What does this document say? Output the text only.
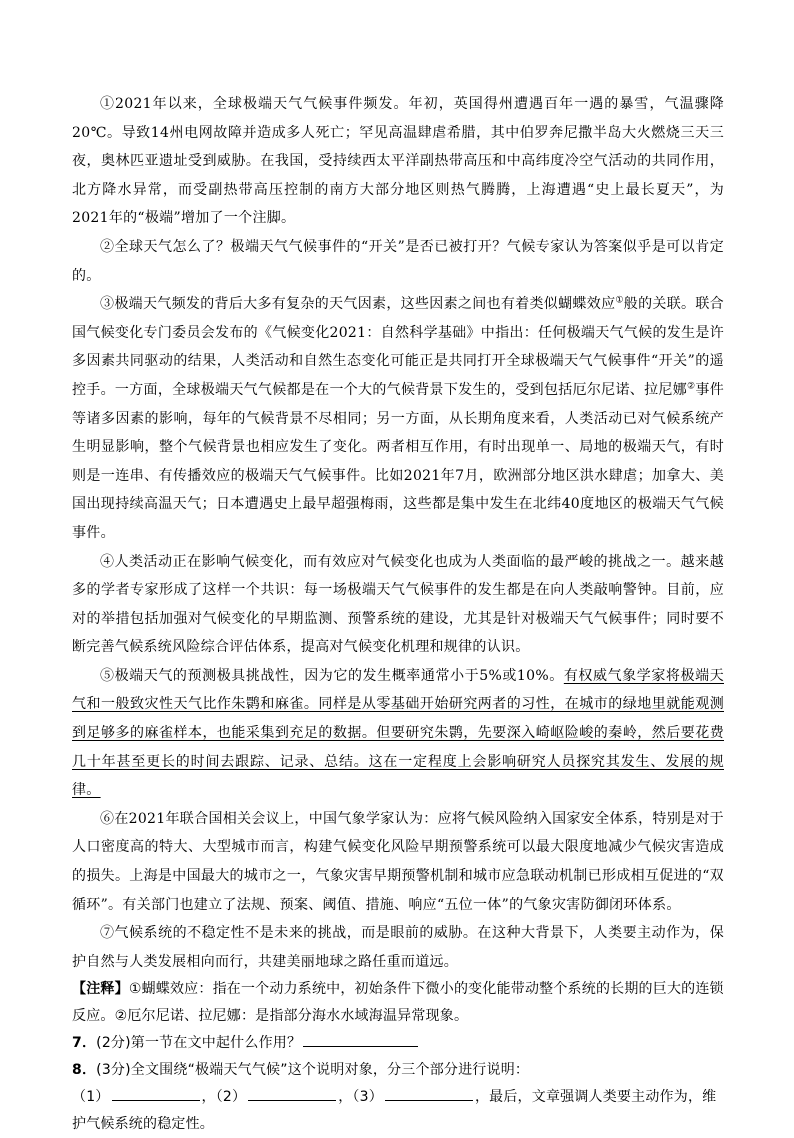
①2021年以来，全球极端天气气候事件频发。年初，英国得州遭遇百年一遇的暴雪，气温骤降20℃。导致14州电网故障并造成多人死亡；罕见高温肆虐希腊，其中伯罗奔尼撒半岛大火燃烧三天三夜，奥林匹亚遗址受到威胁。在我国，受持续西太平洋副热带高压和中高纬度冷空气活动的共同作用，北方降水异常，而受副热带高压控制的南方大部分地区则热气腾腾，上海遭遇“史上最长夏天”，为2021年的“极端”增加了一个注脚。

②全球天气怎么了？极端天气气候事件的“开关”是否已被打开？气候专家认为答案似乎是可以肯定的。

③极端天气频发的背后大多有复杂的天气因素，这些因素之间也有着类似蝴蝶效应①般的关联。联合国气候变化专门委员会发布的《气候变化2021：自然科学基础》中指出：任何极端天气气候的发生是许多因素共同驱动的结果，人类活动和自然生态变化可能正是共同打开全球极端天气气候事件“开关”的遥控手。一方面，全球极端天气气候都是在一个大的气候背景下发生的，受到包括厄尔尼诺、拉尼娜②事件等诸多因素的影响，每年的气候背景不尽相同；另一方面，从长期角度来看，人类活动已对气候系统产生明显影响，整个气候背景也相应发生了变化。两者相互作用，有时出现单一、局地的极端天气，有时则是一连串、有传播效应的极端天气气候事件。比如2021年7月，欧洲部分地区洪水肆虐；加拿大、美国出现持续高温天气；日本遭遇史上最早超强梅雨，这些都是集中发生在北纬40度地区的极端天气气候事件。

④人类活动正在影响气候变化，而有效应对气候变化也成为人类面临的最严峻的挑战之一。越来越多的学者专家形成了这样一个共识：每一场极端天气气候事件的发生都是在向人类敲响警钟。目前，应对的举措包括加强对气候变化的早期监测、预警系统的建设，尤其是针对极端天气气候事件；同时要不断完善气候系统风险综合评估体系，提高对气候变化机理和规律的认识。

⑤极端天气的预测极具挑战性，因为它的发生概率通常小于5%或10%。有权威气象学家将极端天气和一般致灾性天气比作朱鹮和麻雀。同样是从零基础开始研究两者的习性，在城市的绿地里就能观测到足够多的麻雀样本，也能采集到充足的数据。但要研究朱鹮，先要深入崎岖险峻的秦岭，然后要花费几十年甚至更长的时间去跟踪、记录、总结。这在一定程度上会影响研究人员探究其发生、发展的规律。

⑥在2021年联合国相关会议上，中国气象学家认为：应将气候风险纳入国家安全体系，特别是对于人口密度高的特大、大型城市而言，构建气候变化风险早期预警系统可以最大限度地减少气候灾害造成的损失。上海是中国最大的城市之一，气象灾害早期预警机制和城市应急联动机制已形成相互促进的“双循环”。有关部门也建立了法规、预案、阈值、措施、响应“五位一体”的气象灾害防御闭环体系。

⑦气候系统的不稳定性不是未来的挑战，而是眼前的威胁。在这种大背景下，人类要主动作为，保护自然与人类发展相向而行，共建美丽地球之路任重而道远。

【注释】①蝴蝶效应：指在一个动力系统中，初始条件下微小的变化能带动整个系统的长期的巨大的连锁反应。②厄尔尼诺、拉尼娜：是指部分海水水域海温异常现象。

7．(2分)第一节在文中起什么作用？

8．(3分)全文围绕“极端天气气候”这个说明对象，分三个部分进行说明：

（1）	，（2）	，（3）	，最后，文章强调人类要主动作为，维护气候系统的稳定性。
